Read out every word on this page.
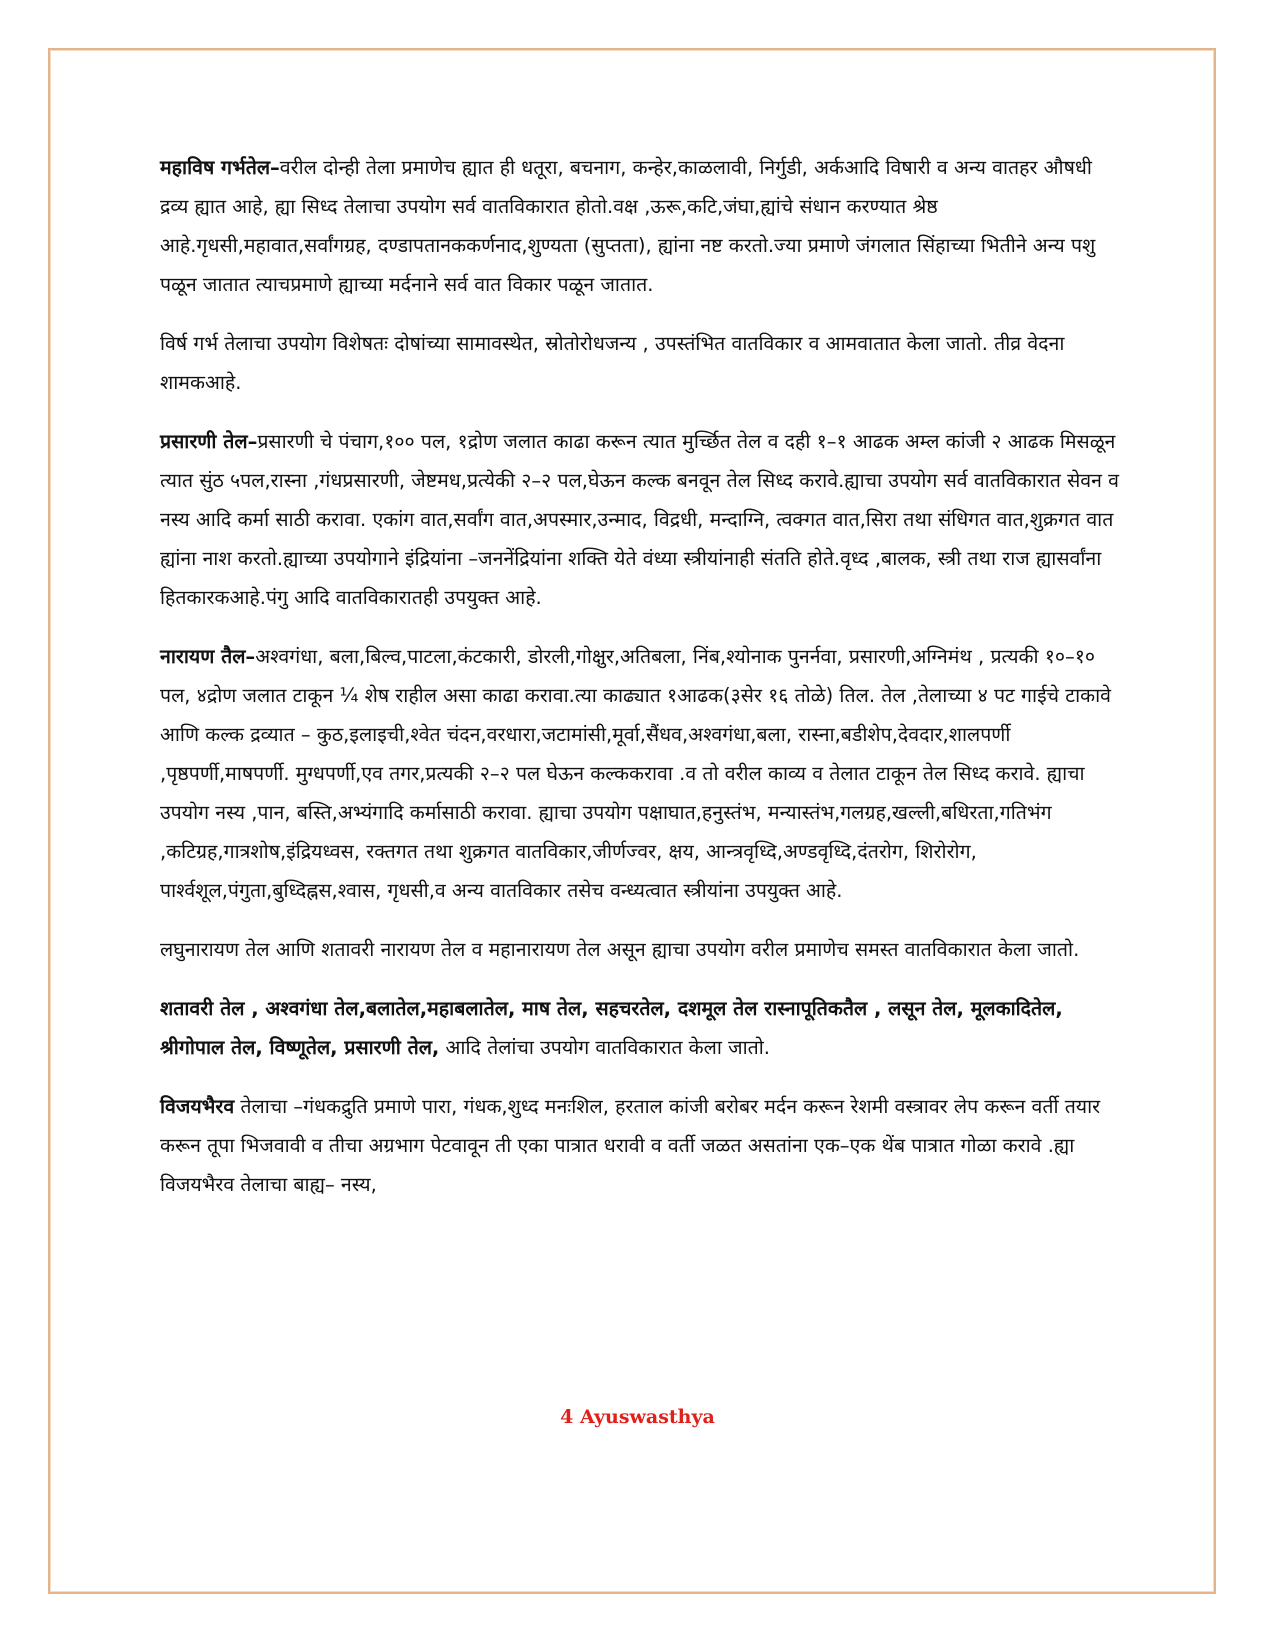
महाविष गर्भतेल–वरील दोन्ही तेला प्रमाणेच ह्यात ही धतूरा, बचनाग, कन्हेर,काळलावी, निर्गुडी, अर्कआदि विषारी व अन्य वातहर औषधी द्रव्य ह्यात आहे, ह्या सिध्द तेलाचा उपयोग सर्व वातविकारात होतो.वक्ष ,ऊरू,कटि,जंघा,ह्यांचे संधान करण्यात श्रेष्ठ आहे.गृधसी,महावात,सर्वांगग्रह, दण्डापतानककर्णनाद,शुण्यता (सुप्तता), ह्यांना नष्ट करतो.ज्या प्रमाणे जंगलात सिंहाच्या भितीने अन्य पशु पळून जातात त्याचप्रमाणे ह्याच्या मर्दनाने सर्व वात विकार पळून जातात.

विर्ष गर्भ तेलाचा उपयोग विशेषतः दोषांच्या सामावस्थेत, स्रोतोरोधजन्य , उपस्तंभित वातविकार व आमवातात केला जातो. तीव्र वेदना शामकआहे.

प्रसारणी तेल–प्रसारणी चे पंचाग,१०० पल, १द्रोण जलात काढा करून त्यात मुर्च्छित तेल व दही १–१ आढक अम्ल कांजी २ आढक मिसळून त्यात सुंठ ५पल,रास्ना ,गंधप्रसारणी, जेष्टमध,प्रत्येकी २–२ पल,घेऊन कल्क बनवून तेल सिध्द करावे.ह्याचा उपयोग सर्व वातविकारात सेवन व नस्य आदि कर्मा साठी करावा. एकांग वात,सर्वांग वात,अपस्मार,उन्माद, विद्रधी, मन्दाग्नि, त्वक्गत वात,सिरा तथा संधिगत वात,शुक्रगत वात ह्यांना नाश करतो.ह्याच्या उपयोगाने इंद्रियांना –जननेंद्रियांना शक्ति येते वंध्या स्त्रीयांनाही संतति होते.वृध्द ,बालक, स्त्री तथा राज ह्यासर्वांना हितकारकआहे.पंगु आदि वातविकारातही उपयुक्त आहे.

नारायण तैल–अश्वगंधा, बला,बिल्व,पाटला,कंटकारी, डोरली,गोक्षुर,अतिबला, निंब,श्योनाक पुनर्नवा, प्रसारणी,अग्निमंथ , प्रत्यकी १०–१० पल, ४द्रोण जलात टाकून ¼ शेष राहील असा काढा करावा.त्या काढ्यात १आढक(३सेर १६ तोळे) तिल. तेल ,तेलाच्या ४ पट गाईचे टाकावे आणि कल्क द्रव्यात – कुठ,इलाइची,श्वेत चंदन,वरधारा,जटामांसी,मूर्वा,सैंधव,अश्वगंधा,बला, रास्ना,बडीशेप,देवदार,शालपर्णी ,पृष्ठपर्णी,माषपर्णी. मुग्धपर्णी,एव तगर,प्रत्यकी २–२ पल घेऊन कल्ककरावा .व तो वरील काव्य व तेलात टाकून तेल सिध्द करावे. ह्याचा उपयोग नस्य ,पान, बस्ति,अभ्यंगादि कर्मासाठी करावा. ह्याचा उपयोग पक्षाघात,हनुस्तंभ, मन्यास्तंभ,गलग्रह,खल्ली,बधिरता,गतिभंग ,कटिग्रह,गात्रशोष,इंद्रियध्वस, रक्तगत तथा शुक्रगत वातविकार,जीर्णज्वर, क्षय, आन्त्रवृध्दि,अण्डवृध्दि,दंतरोग, शिरोरोग, पार्श्वशूल,पंगुता,बुध्दिह्नस,श्वास, गृधसी,व अन्य वातविकार तसेच वन्ध्यत्वात स्त्रीयांना उपयुक्त आहे.

लघुनारायण तेल आणि शतावरी नारायण तेल व महानारायण तेल असून ह्याचा उपयोग वरील प्रमाणेच समस्त वातविकारात केला जातो.

शतावरी तेल , अश्वगंधा तेल,बलातेल,महाबलातेल, माष तेल, सहचरतेल, दशमूल तेल रास्नापूतिकतैल , लसून तेल, मूलकादितेल, श्रीगोपाल तेल, विष्णूतेल, प्रसारणी तेल, आदि तेलांचा उपयोग वातविकारात केला जातो.

विजयभैरव तेलाचा –गंधकद्रुति प्रमाणे पारा, गंधक,शुध्द मनःशिल, हरताल कांजी बरोबर मर्दन करून रेशमी वस्त्रावर लेप करून वर्ती तयार करून तूपा भिजवावी व तीचा अग्रभाग पेटवावून ती एका पात्रात धरावी व वर्ती जळत असतांना एक–एक थेंब पात्रात गोळा करावे .ह्या विजयभैरव तेलाचा बाह्य– नस्य,

4 Ayuswasthya
